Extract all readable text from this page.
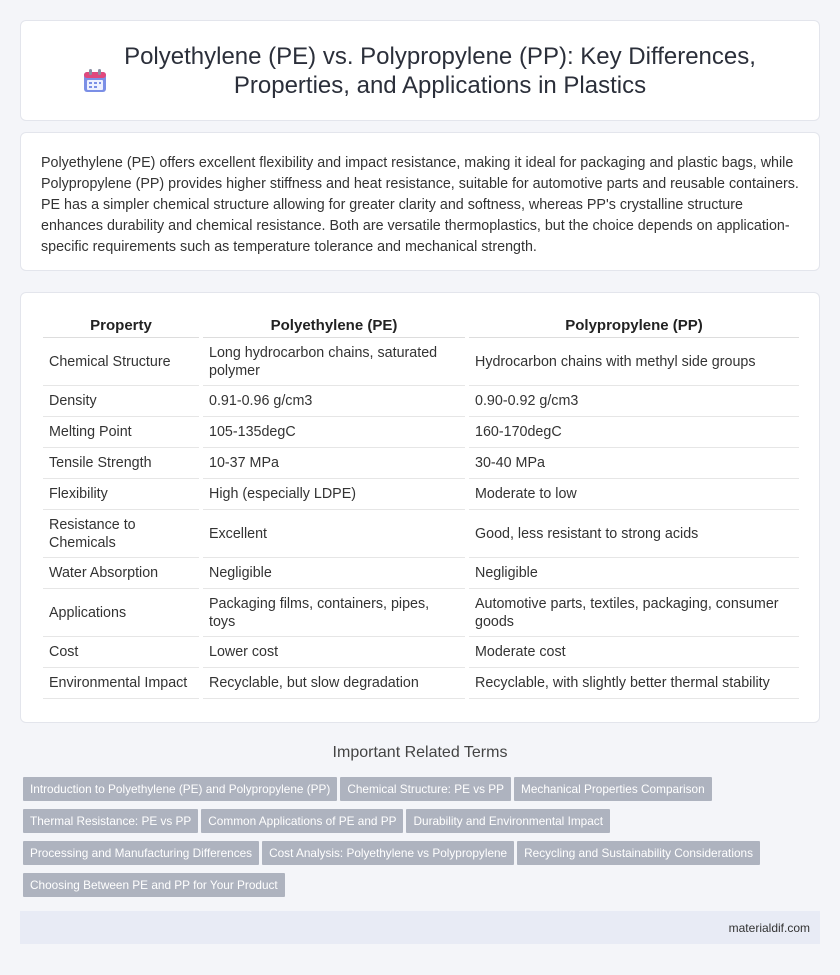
Polyethylene (PE) vs. Polypropylene (PP): Key Differences, Properties, and Applications in Plastics

Polyethylene (PE) offers excellent flexibility and impact resistance, making it ideal for packaging and plastic bags, while Polypropylene (PP) provides higher stiffness and heat resistance, suitable for automotive parts and reusable containers. PE has a simpler chemical structure allowing for greater clarity and softness, whereas PP's crystalline structure enhances durability and chemical resistance. Both are versatile thermoplastics, but the choice depends on application-specific requirements such as temperature tolerance and mechanical strength.

Property		Polyethylene (PE)		Polypropylene (PP)
Chemical Structure		Long hydrocarbon chains, saturated polymer		Hydrocarbon chains with methyl side groups
Density		0.91-0.96 g/cm3		0.90-0.92 g/cm3
Melting Point		105-135degC		160-170degC
Tensile Strength		10-37 MPa		30-40 MPa
Flexibility		High (especially LDPE)		Moderate to low
Resistance to Chemicals		Excellent		Good, less resistant to strong acids
Water Absorption		Negligible		Negligible
Applications		Packaging films, containers, pipes, toys		Automotive parts, textiles, packaging, consumer goods
Cost		Lower cost		Moderate cost
Environmental Impact		Recyclable, but slow degradation		Recyclable, with slightly better thermal stability
Important Related Terms
Introduction to Polyethylene (PE) and Polypropylene (PP) Chemical Structure: PE vs PP Mechanical Properties Comparison
Thermal Resistance: PE vs PP Common Applications of PE and PP Durability and Environmental Impact
Processing and Manufacturing Differences Cost Analysis: Polyethylene vs Polypropylene Recycling and Sustainability Considerations
Choosing Between PE and PP for Your Product
materialdif.com
